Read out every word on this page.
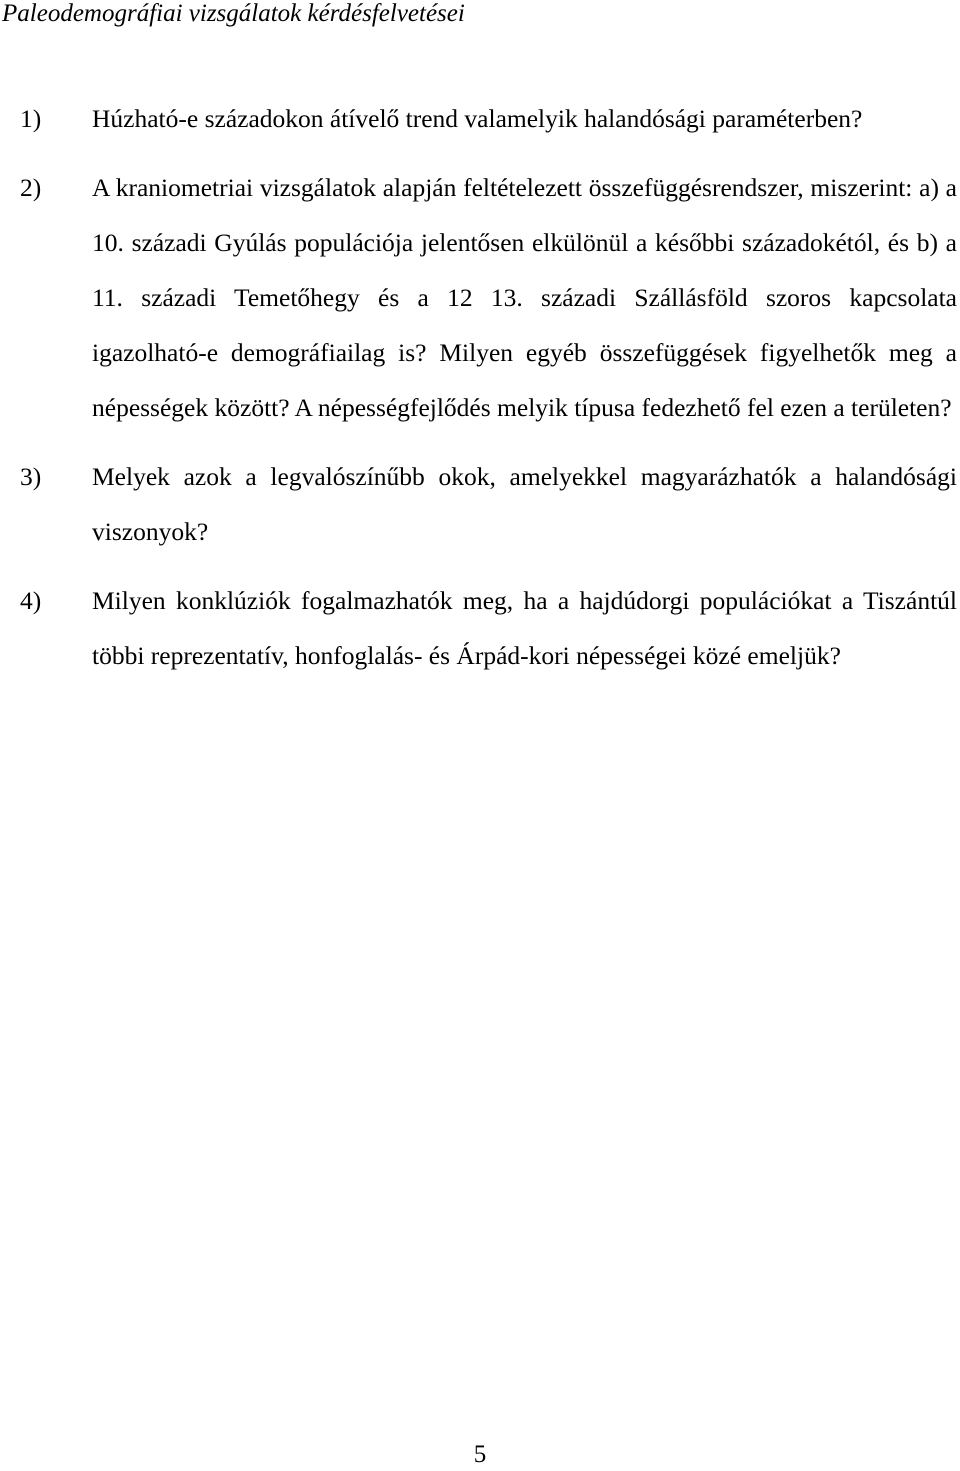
Paleodemográfiai vizsgálatok kérdésfelvetései
1)	Húzható-e századokon átívelő trend valamelyik halandósági paraméterben?
2)	A kraniometriai vizsgálatok alapján feltételezett összefüggésrendszer, miszerint: a) a 10. századi Gyúlás populációja jelentősen elkülönül a későbbi századokétól, és b) a 11. századi Temetőhegy és a 12 13. századi Szállásföld szoros kapcsolata igazolható-e demográfiailag is? Milyen egyéb összefüggések figyelhetők meg a népességek között? A népességfejlődés melyik típusa fedezhető fel ezen a területen?
3)	Melyek azok a legvalószínűbb okok, amelyekkel magyarázhatók a halandósági viszonyok?
4)	Milyen konklúziók fogalmazhatók meg, ha a hajdúdorgi populációkat a Tiszántúl többi reprezentatív, honfoglalás- és Árpád-kori népességei közé emeljük?
5
